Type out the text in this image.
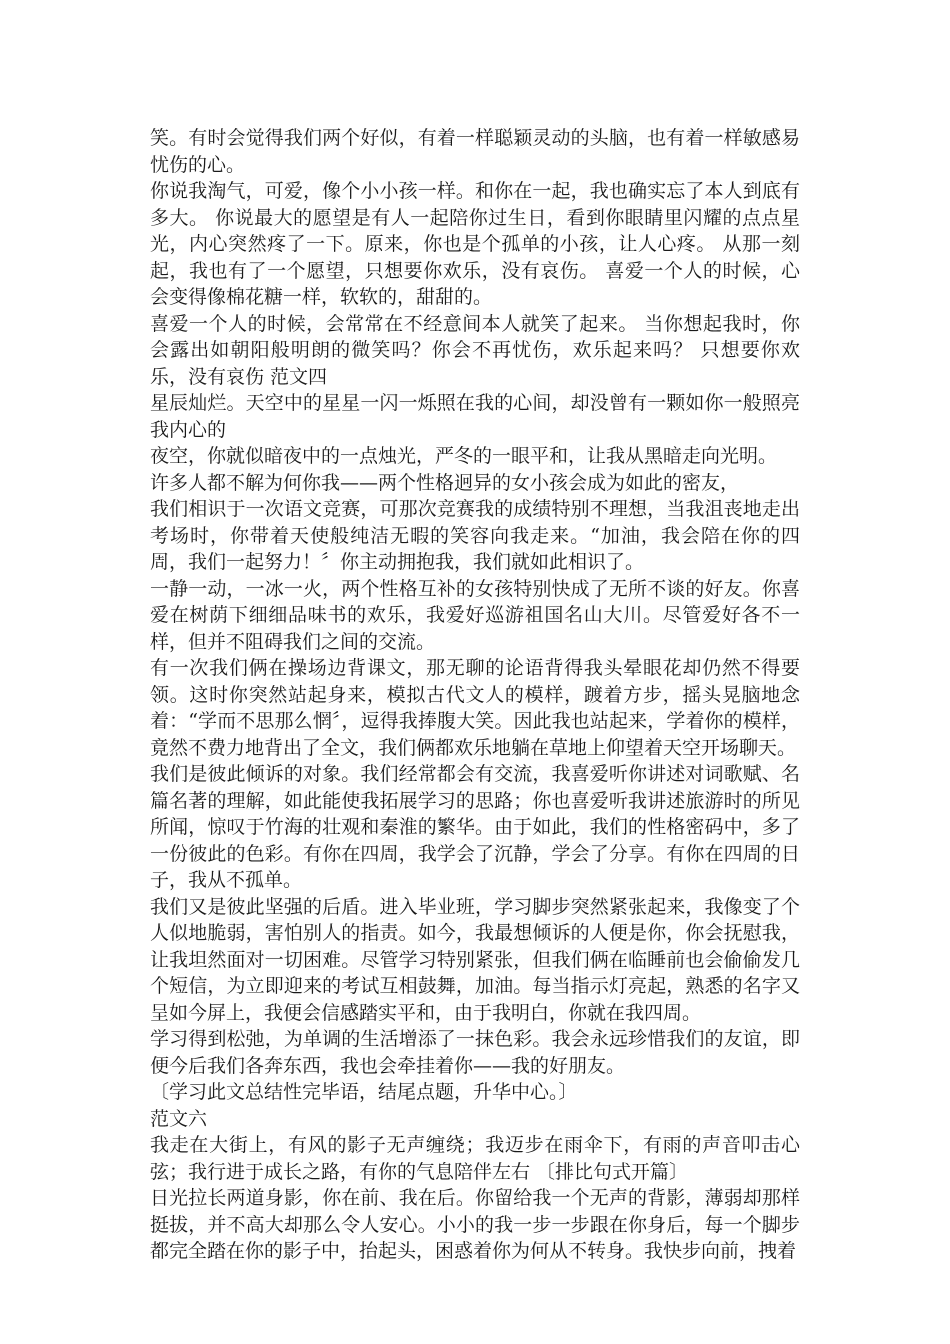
笑。有时会觉得我们两个好似，有着一样聪颖灵动的头脑，也有着一样敏感易忧伤的心。

你说我淘气，可爱，像个小小孩一样。和你在一起，我也确实忘了本人到底有多大。 你说最大的愿望是有人一起陪你过生日，看到你眼睛里闪耀的点点星光，内心突然疼了一下。原来，你也是个孤单的小孩，让人心疼。 从那一刻起，我也有了一个愿望，只想要你欢乐，没有哀伤。 喜爱一个人的时候，心会变得像棉花糖一样，软软的，甜甜的。

喜爱一个人的时候，会常常在不经意间本人就笑了起来。 当你想起我时，你会露出如朝阳般明朗的微笑吗？你会不再忧伤，欢乐起来吗？ 只想要你欢乐，没有哀伤 范文四

星辰灿烂。天空中的星星一闪一烁照在我的心间，却没曾有一颗如你一般照亮我内心的

夜空，你就似暗夜中的一点烛光，严冬的一眼平和，让我从黑暗走向光明。

许多人都不解为何你我——两个性格迥异的女小孩会成为如此的密友，

我们相识于一次语文竞赛，可那次竞赛我的成绩特别不理想，当我沮丧地走出考场时，你带着天使般纯洁无暇的笑容向我走来。“加油，我会陪在你的四周，我们一起努力！〞你主动拥抱我，我们就如此相识了。

一静一动，一冰一火，两个性格互补的女孩特别快成了无所不谈的好友。你喜爱在树荫下细细品味书的欢乐，我爱好巡游祖国名山大川。尽管爱好各不一样，但并不阻碍我们之间的交流。

有一次我们俩在操场边背课文，那无聊的论语背得我头晕眼花却仍然不得要领。这时你突然站起身来，模拟古代文人的模样，踱着方步，摇头晃脑地念着：“学而不思那么惘〞，逗得我捧腹大笑。因此我也站起来，学着你的模样，竟然不费力地背出了全文，我们俩都欢乐地躺在草地上仰望着天空开场聊天。

我们是彼此倾诉的对象。我们经常都会有交流，我喜爱听你讲述对词歌赋、名篇名著的理解，如此能使我拓展学习的思路；你也喜爱听我讲述旅游时的所见所闻，惊叹于竹海的壮观和秦淮的繁华。由于如此，我们的性格密码中，多了一份彼此的色彩。有你在四周，我学会了沉静，学会了分享。有你在四周的日子，我从不孤单。

我们又是彼此坚强的后盾。进入毕业班，学习脚步突然紧张起来，我像变了个人似地脆弱，害怕别人的指责。如今，我最想倾诉的人便是你，你会抚慰我，让我坦然面对一切困难。尽管学习特别紧张，但我们俩在临睡前也会偷偷发几个短信，为立即迎来的考试互相鼓舞，加油。每当指示灯亮起，熟悉的名字又呈如今屏上，我便会信感踏实平和，由于我明白，你就在我四周。

学习得到松弛，为单调的生活增添了一抹色彩。我会永远珍惜我们的友谊，即便今后我们各奔东西，我也会牵挂着你——我的好朋友。

〔学习此文总结性完毕语，结尾点题，升华中心。〕

范文六

我走在大街上，有风的影子无声缠绕；我迈步在雨伞下，有雨的声音叩击心弦；我行进于成长之路，有你的气息陪伴左右 〔排比句式开篇〕

日光拉长两道身影，你在前、我在后。你留给我一个无声的背影，薄弱却那样挺拔，并不高大却那么令人安心。小小的我一步一步跟在你身后，每一个脚步都完全踏在你的影子中，抬起头，困惑着你为何从不转身。我快步向前，拽着
